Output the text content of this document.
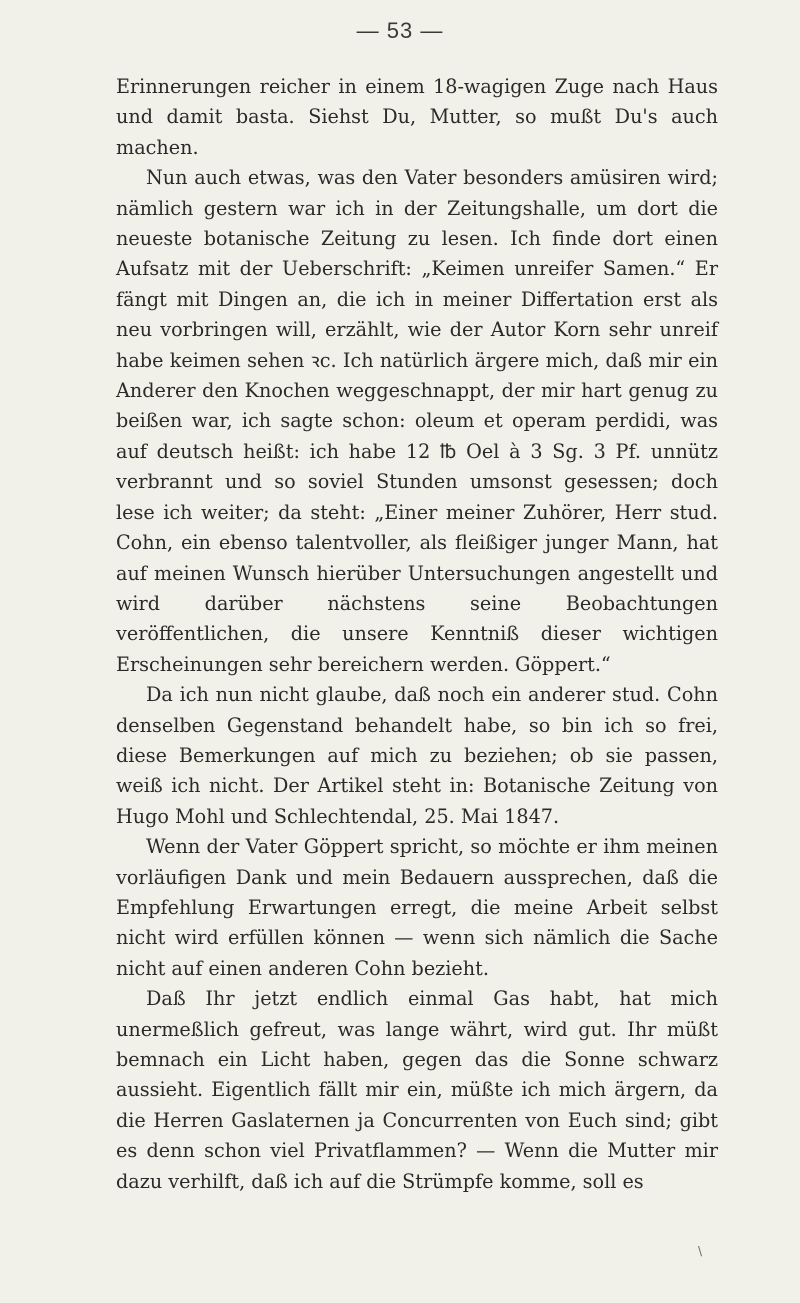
— 53 —

Erinnerungen reicher in einem 18-wagigen Zuge nach Haus und damit basta. Siehst Du, Mutter, so mußt Du's auch machen.

Nun auch etwas, was den Vater besonders amüsiren wird; nämlich gestern war ich in der Zeitungshalle, um dort die neueste botanische Zeitung zu lesen. Ich finde dort einen Aufsatz mit der Ueberschrift: „Keimen unreifer Samen.“ Er fängt mit Dingen an, die ich in meiner Differtation erst als neu vorbringen will, erzählt, wie der Autor Korn sehr unreif habe keimen sehen ꝛc. Ich natürlich ärgere mich, daß mir ein Anderer den Knochen weggeschnappt, der mir hart genug zu beißen war, ich sagte schon: oleum et operam perdidi, was auf deutsch heißt: ich habe 12 ℔ Oel à 3 Sg. 3 Pf. unnütz verbrannt und so soviel Stunden umsonst gesessen; doch lese ich weiter; da steht: „Einer meiner Zuhörer, Herr stud. Cohn, ein ebenso talentvoller, als fleißiger junger Mann, hat auf meinen Wunsch hierüber Untersuchungen angestellt und wird darüber nächstens seine Beobachtungen veröffentlichen, die unsere Kenntniß dieser wichtigen Erscheinungen sehr bereichern werden. Göppert.“

Da ich nun nicht glaube, daß noch ein anderer stud. Cohn denselben Gegenstand behandelt habe, so bin ich so frei, diese Bemerkungen auf mich zu beziehen; ob sie passen, weiß ich nicht. Der Artikel steht in: Botanische Zeitung von Hugo Mohl und Schlechtendal, 25. Mai 1847.

Wenn der Vater Göppert spricht, so möchte er ihm meinen vorläufigen Dank und mein Bedauern aussprechen, daß die Empfehlung Erwartungen erregt, die meine Arbeit selbst nicht wird erfüllen können — wenn sich nämlich die Sache nicht auf einen anderen Cohn bezieht.

Daß Ihr jetzt endlich einmal Gas habt, hat mich unermeßlich gefreut, was lange währt, wird gut. Ihr müßt bemnach ein Licht haben, gegen das die Sonne schwarz aussieht. Eigentlich fällt mir ein, müßte ich mich ärgern, da die Herren Gaslaternen ja Concurrenten von Euch sind; gibt es denn schon viel Privatflammen? — Wenn die Mutter mir dazu verhilft, daß ich auf die Strümpfe komme, soll es

\
